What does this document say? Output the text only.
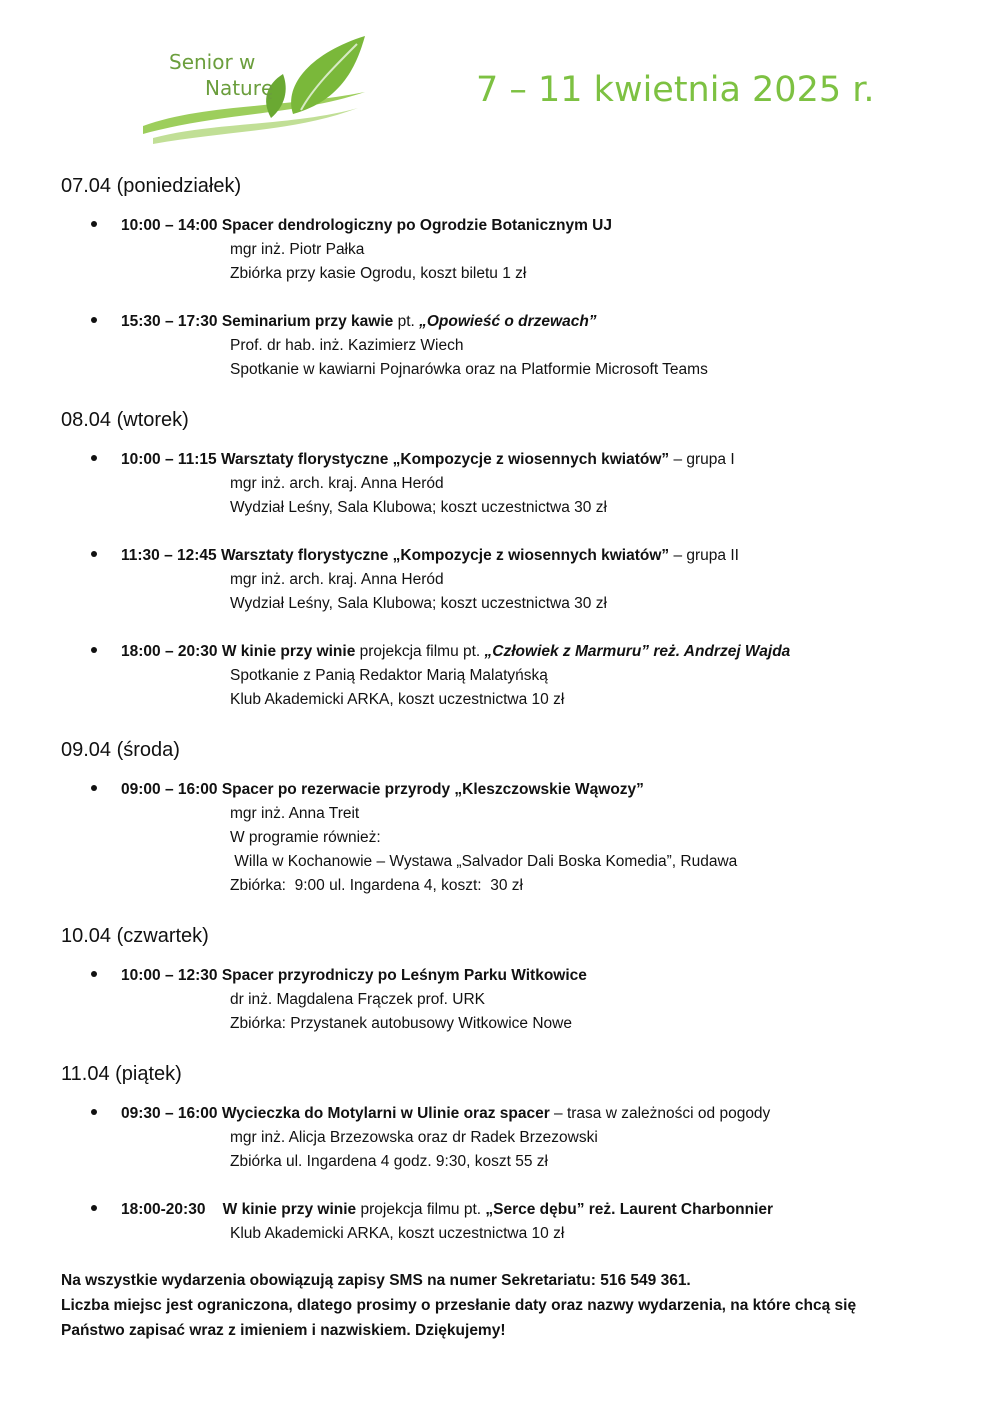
Senior w
Naturę	7 – 11 kwietnia 2025 r.
07.04 (poniedziałek)
10:00 – 14:00 Spacer dendrologiczny po Ogrodzie Botanicznym UJ
mgr inż. Piotr Pałka
Zbiórka przy kasie Ogrodu, koszt biletu 1 zł
15:30 – 17:30 Seminarium przy kawie pt. „Opowieść o drzewach”
Prof. dr hab. inż. Kazimierz Wiech
Spotkanie w kawiarni Pojnarówka oraz na Platformie Microsoft Teams
08.04 (wtorek)
10:00 – 11:15 Warsztaty florystyczne „Kompozycje z wiosennych kwiatów” – grupa I
mgr inż. arch. kraj. Anna Heród
Wydział Leśny, Sala Klubowa; koszt uczestnictwa 30 zł
11:30 – 12:45 Warsztaty florystyczne „Kompozycje z wiosennych kwiatów” – grupa II
mgr inż. arch. kraj. Anna Heród
Wydział Leśny, Sala Klubowa; koszt uczestnictwa 30 zł
18:00 – 20:30 W kinie przy winie projekcja filmu pt. „Człowiek z Marmuru” reż. Andrzej Wajda
Spotkanie z Panią Redaktor Marią Malatyńską
Klub Akademicki ARKA, koszt uczestnictwa 10 zł
09.04 (środa)
09:00 – 16:00 Spacer po rezerwacie przyrody „Kleszczowskie Wąwozy”
mgr inż. Anna Treit
W programie również:
Willa w Kochanowie – Wystawa „Salvador Dali Boska Komedia”, Rudawa
Zbiórka:  9:00 ul. Ingardena 4, koszt:  30 zł
10.04 (czwartek)
10:00 – 12:30 Spacer przyrodniczy po Leśnym Parku Witkowice
dr inż. Magdalena Frączek prof. URK
Zbiórka: Przystanek autobusowy Witkowice Nowe
11.04 (piątek)
09:30 – 16:00 Wycieczka do Motylarni w Ulinie oraz spacer – trasa w zależności od pogody
mgr inż. Alicja Brzezowska oraz dr Radek Brzezowski
Zbiórka ul. Ingardena 4 godz. 9:30, koszt 55 zł
18:00-20:30    W kinie przy winie projekcja filmu pt. „Serce dębu” reż. Laurent Charbonnier
Klub Akademicki ARKA, koszt uczestnictwa 10 zł
Na wszystkie wydarzenia obowiązują zapisy SMS na numer Sekretariatu: 516 549 361.
Liczba miejsc jest ograniczona, dlatego prosimy o przesłanie daty oraz nazwy wydarzenia, na które chcą się
Państwo zapisać wraz z imieniem i nazwiskiem. Dziękujemy!
